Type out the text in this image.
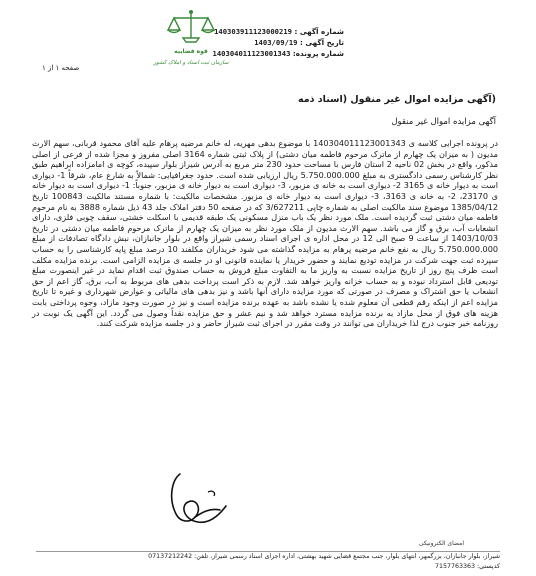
شماره آگهی : 140303911123000219
تاریخ آگهی : 1403/09/19
شماره پرونده: 140304011123001343
قوه قضاییه
سازمان ثبت اسناد و املاک کشور
صفحه ۱ از ۱
(آگهی مزایده اموال غیر منقول (اسناد ذمه
آگهی مزایده اموال غیر منقول
در پرونده اجرایی کلاسه ی 140304011123001343 با موضوع بدهی مهریه، له خانم مرضیه پرهام علیه آقای محمود قربانی، سهم الارث مدیون ( به میزان یک چهارم از ماترک مرحوم فاطمه میان دشتی) از پلاک ثبتی شماره 3164 اصلی مفروز و مجزا شده از فرعی از اصلی مذکور، واقع در بخش 02 ناحیه 2 استان فارس با مساحت حدود 230 متر مربع به آدرس شیراز بلوار سپیده، کوچه ی امامزاده ابراهیم طبق نظر کارشناس رسمی دادگستری به مبلغ 5.750.000.000 ریال ارزیابی شده است. حدود جغرافیایی: شمالاً به شارع عام، شرقاً 1- دیواری است به دیوار خانه ی 3165 2- دیواری است به خانه ی مزبور، 3- دیواری است به دیوار خانه ی مزبور، جنوباً: 1- دیواری است به دیوار خانه ی 23170، 2- به خانه ی 3163، 3- دیواری است به دیوار خانه ی مزبور. مشخصات مالکیت: با شماره مستند مالکیت 100843 تاریخ 1385/04/12 موضوع سند مالکیت اصلی به شماره چاپی 3/627211 که در صفحه 50 دفتر املاک جلد 43 ذیل شماره 3888 به نام مرحوم فاطمه میان دشتی ثبت گردیده است. ملک مورد نظر یک باب منزل مسکونی یک طبقه قدیمی با اسکلت خشتی، سقف چوبی فلزی، دارای انشعابات آب، برق و گاز می باشد. سهم الارث مدیون از ملک مورد نظر به میزان یک چهارم از ماترک مرحوم فاطمه میان دشتی در تاریخ 1403/10/03 از ساعت 9 صبح الی 12 در محل اداره ی اجرای اسناد رسمی شیراز واقع در بلوار جانبازان، نبش دادگاه تصادفات از مبلغ 5.750.000.000 ریال به نفع خانم مرضیه پرهام به مزایده گذاشته می شود خریداران مکلفند 10 درصد مبلغ پایه کارشناسی را به حساب سپرده ثبت جهت شرکت در مزایده تودیع نمایند و حضور خریدار یا نماینده قانونی او در جلسه ی مزایده الزامی است. برنده مزایده مکلف است ظرف پنج روز از تاریخ مزایده نسبت به واریز ما به التفاوت مبلغ فروش به حساب صندوق ثبت اقدام نماید در غیر اینصورت مبلغ تودیعی قابل استرداد نبوده و به حساب خزانه واریز خواهد شد. لازم به ذکر است پرداخت بدهی های مربوط به آب، برق، گاز اعم از حق انشعاب یا حق اشتراک و مصرف در صورتی که مورد مزایده دارای آنها باشد و نیز بدهی های مالیاتی و عوارض شهرداری و غیره تا تاریخ مزایده اعم از اینکه رقم قطعی آن معلوم شده یا نشده باشد به عهده برنده مزایده است و نیز در صورت وجود مازاد، وجوه پرداختی بابت هزینه های فوق از محل مازاد به برنده مزایده مسترد خواهد شد و نیم عشر و حق مزایده نقداً وصول می گردد. این آگهی یک نوبت در روزنامه خبر جنوب درج لذا خریداران می توانند در وقت مقرر در اجرای ثبت شیراز حاضر و در جلسه مزایده شرکت کنند.
امضای الکترونیکی
شیراز، بلوار جانبازان، بزرگمهر، انتهای بلوار، جنب مجتمع قضایی شهید بهشتی، اداره اجرای اسناد رسمی شیراز، تلفن: 07137212242
کدپستی: 7157763363
